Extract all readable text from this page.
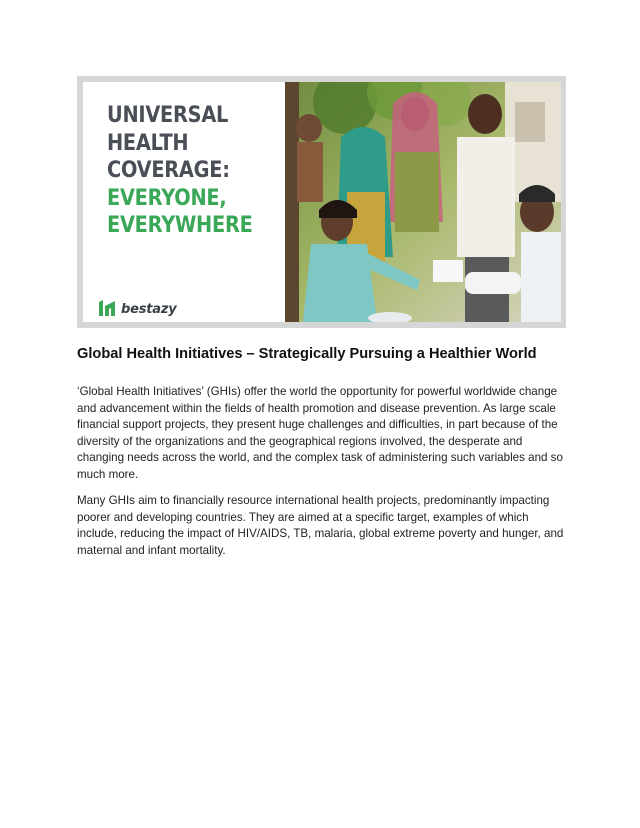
UNIVERSAL
HEALTH
COVERAGE:
EVERYONE,
EVERYWHERE
bestazy
Global Health Initiatives – Strategically Pursuing a Healthier World

‘Global Health Initiatives’ (GHIs) offer the world the opportunity for powerful worldwide change
and advancement within the fields of health promotion and disease prevention. As large scale
financial support projects, they present huge challenges and difficulties, in part because of the
diversity of the organizations and the geographical regions involved, the desperate and
changing needs across the world, and the complex task of administering such variables and so
much more.

Many GHIs aim to financially resource international health projects, predominantly impacting
poorer and developing countries. They are aimed at a specific target, examples of which
include, reducing the impact of HIV/AIDS, TB, malaria, global extreme poverty and hunger, and
maternal and infant mortality.
